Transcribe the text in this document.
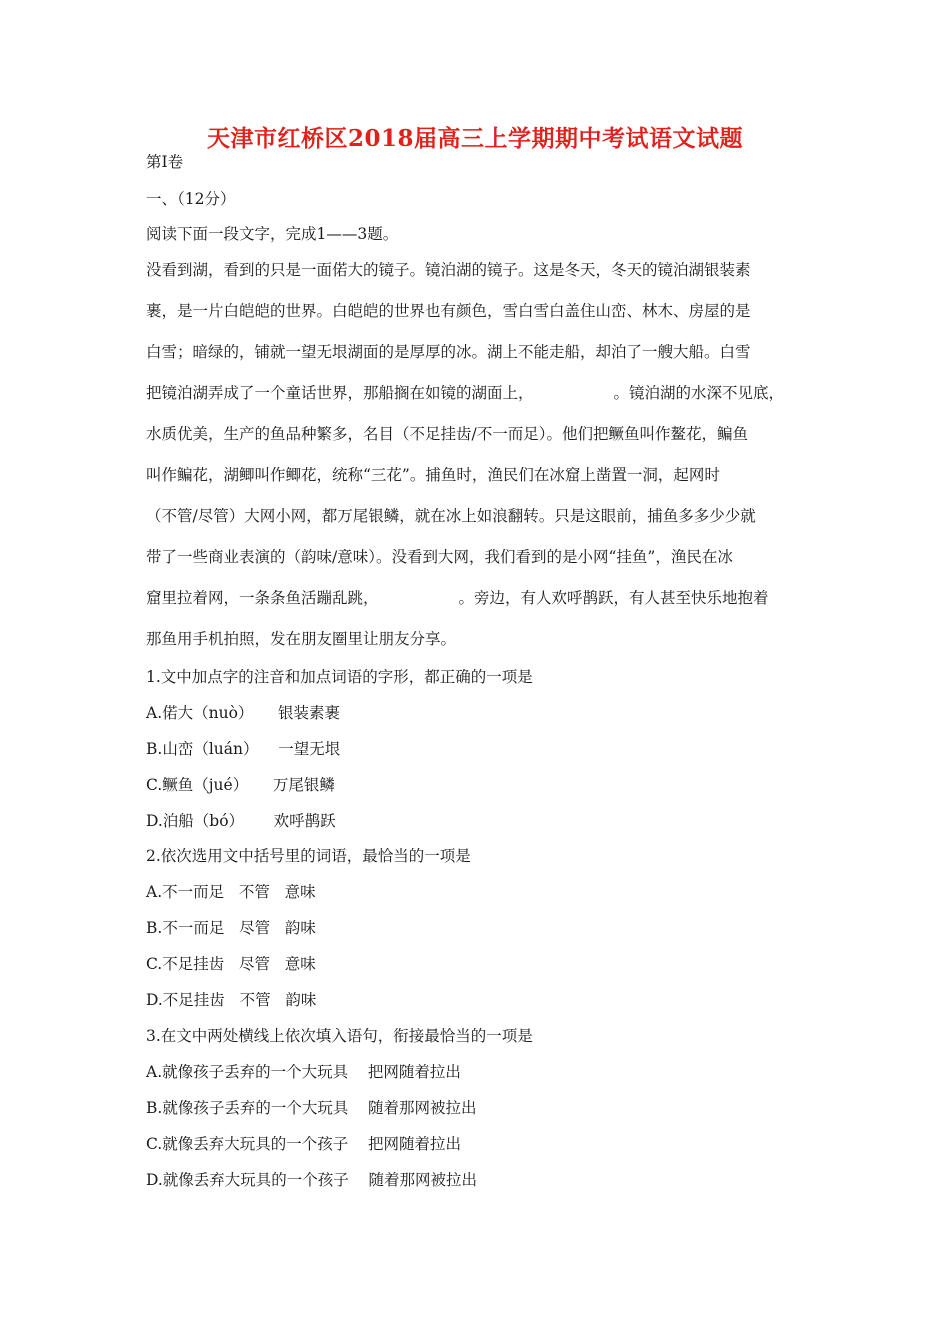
天津市红桥区2018届高三上学期期中考试语文试题
第Ⅰ卷
一、（12分）
阅读下面一段文字，完成1——3题。
没看到湖，看到的只是一面偌大的镜子。镜泊湖的镜子。这是冬天，冬天的镜泊湖银装素
裹，是一片白皑皑的世界。白皑皑的世界也有颜色，雪白雪白盖住山峦、林木、房屋的是
白雪；暗绿的，铺就一望无垠湖面的是厚厚的冰。湖上不能走船，却泊了一艘大船。白雪
把镜泊湖弄成了一个童话世界，那船搁在如镜的湖面上，	。镜泊湖的水深不见底，
水质优美，生产的鱼品种繁多，名目（不足挂齿/不一而足）。他们把鳜鱼叫作鳌花，鳊鱼
叫作鳊花，湖鲫叫作鲫花，统称“三花”。捕鱼时，渔民们在冰窟上凿置一洞，起网时
（不管/尽管）大网小网，都万尾银鳞，就在冰上如浪翻转。只是这眼前，捕鱼多多少少就
带了一些商业表演的（韵味/意味）。没看到大网，我们看到的是小网“挂鱼”，渔民在冰
窟里拉着网，一条条鱼活蹦乱跳，	。旁边，有人欢呼鹊跃，有人甚至快乐地抱着
那鱼用手机拍照，发在朋友圈里让朋友分享。
1.文中加点字的注音和加点词语的字形，都正确的一项是
A.偌大（nuò）     银装素裹
B.山峦（luán）    一望无垠
C.鳜鱼（jué）     万尾银鳞
D.泊船（bó）      欢呼鹊跃
2.依次选用文中括号里的词语，最恰当的一项是
A.不一而足   不管   意味
B.不一而足   尽管   韵味
C.不足挂齿   尽管   意味
D.不足挂齿   不管   韵味
3.在文中两处横线上依次填入语句，衔接最恰当的一项是
A.就像孩子丢弃的一个大玩具    把网随着拉出
B.就像孩子丢弃的一个大玩具    随着那网被拉出
C.就像丢弃大玩具的一个孩子    把网随着拉出
D.就像丢弃大玩具的一个孩子    随着那网被拉出
